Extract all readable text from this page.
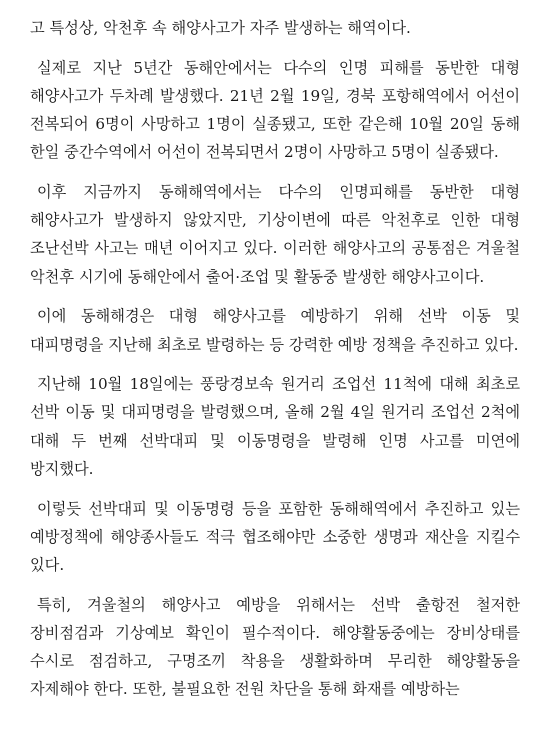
고 특성상, 악천후 속 해양사고가 자주 발생하는 해역이다.

실제로 지난 5년간 동해안에서는 다수의 인명 피해를 동반한 대형 해양사고가 두차례 발생했다. 21년 2월 19일, 경북 포항해역에서 어선이 전복되어 6명이 사망하고 1명이 실종됐고, 또한 같은해 10월 20일 동해 한일 중간수역에서 어선이 전복되면서 2명이 사망하고 5명이 실종됐다.

이후 지금까지 동해해역에서는 다수의 인명피해를 동반한 대형 해양사고가 발생하지 않았지만, 기상이변에 따른 악천후로 인한 대형 조난선박 사고는 매년 이어지고 있다. 이러한 해양사고의 공통점은 겨울철 악천후 시기에 동해안에서 출어·조업 및 활동중 발생한 해양사고이다.

이에 동해해경은 대형 해양사고를 예방하기 위해 선박 이동 및 대피명령을 지난해 최초로 발령하는 등 강력한 예방 정책을 추진하고 있다.

지난해 10월 18일에는 풍랑경보속 원거리 조업선 11척에 대해 최초로 선박 이동 및 대피명령을 발령했으며, 올해 2월 4일 원거리 조업선 2척에 대해 두 번째 선박대피 및 이동명령을 발령해 인명 사고를 미연에 방지했다.

이렇듯 선박대피 및 이동명령 등을 포함한 동해해역에서 추진하고 있는 예방정책에 해양종사들도 적극 협조해야만 소중한 생명과 재산을 지킬수 있다.

특히, 겨울철의 해양사고 예방을 위해서는 선박 출항전 철저한 장비점검과 기상예보 확인이 필수적이다. 해양활동중에는 장비상태를 수시로 점검하고, 구명조끼 착용을 생활화하며 무리한 해양활동을 자제해야 한다. 또한, 불필요한 전원 차단을 통해 화재를 예방하는
